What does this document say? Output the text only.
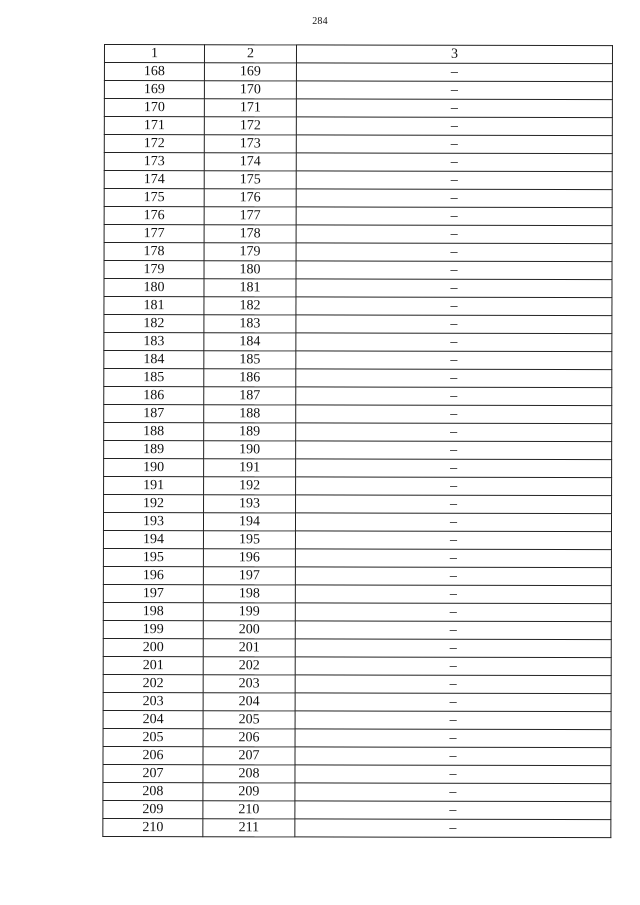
284
1	2	3
168	169	–
169	170	–
170	171	–
171	172	–
172	173	–
173	174	–
174	175	–
175	176	–
176	177	–
177	178	–
178	179	–
179	180	–
180	181	–
181	182	–
182	183	–
183	184	–
184	185	–
185	186	–
186	187	–
187	188	–
188	189	–
189	190	–
190	191	–
191	192	–
192	193	–
193	194	–
194	195	–
195	196	–
196	197	–
197	198	–
198	199	–
199	200	–
200	201	–
201	202	–
202	203	–
203	204	–
204	205	–
205	206	–
206	207	–
207	208	–
208	209	–
209	210	–
210	211	–
